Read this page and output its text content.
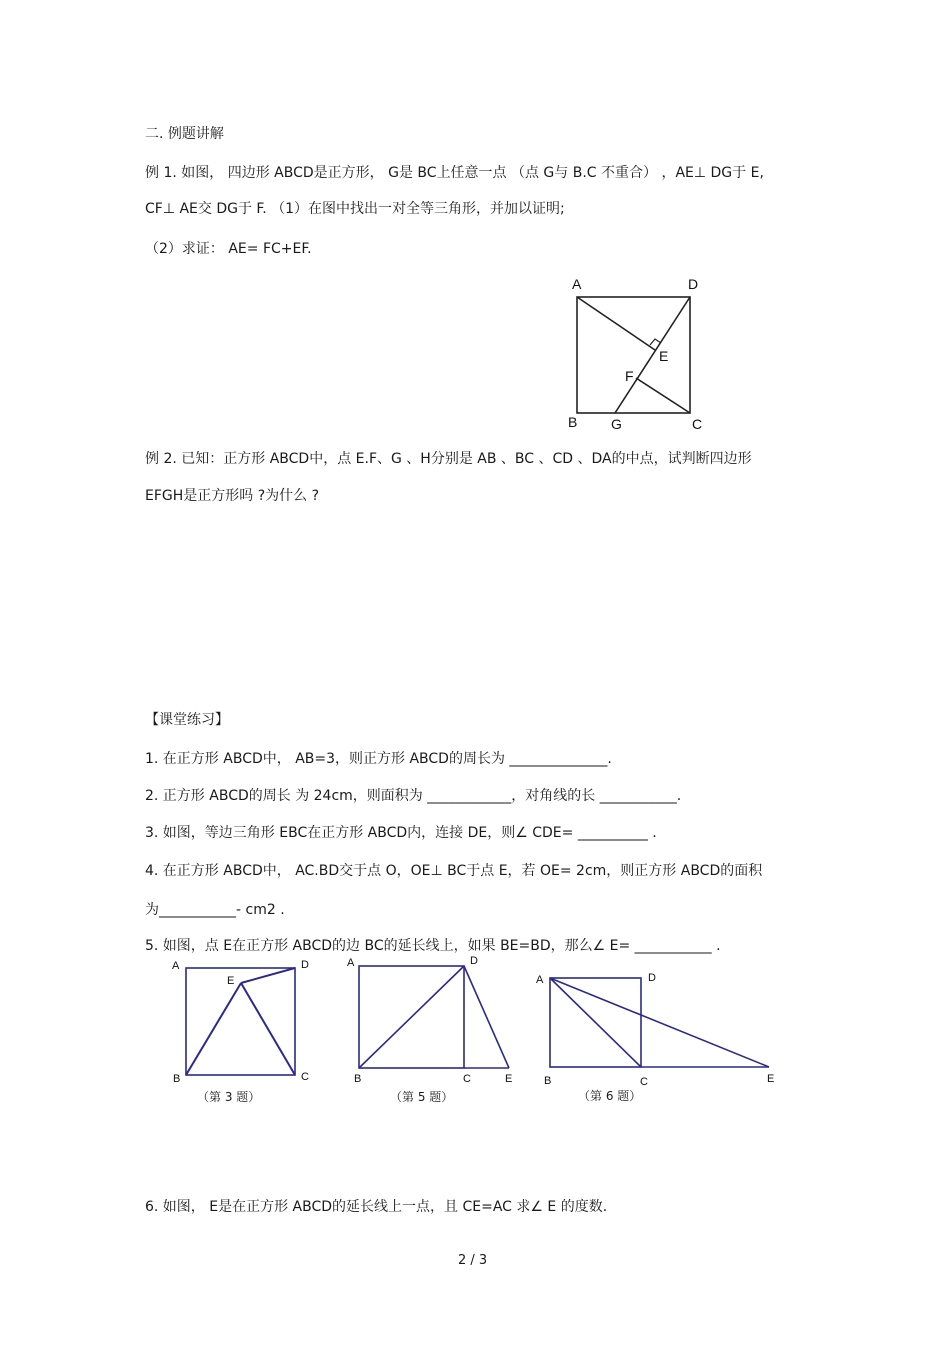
二. 例题讲解
例 1. 如图， 四边形 ABCD是正方形， G是 BC上任意一点 （点 G与 B.C 不重合） ，AE⊥ DG于 E,
CF⊥ AE交 DG于 F. （1）在图中找出一对全等三角形，并加以证明;
（2）求证： AE= FC+EF.
A	D
E
F
B G	C
例 2. 已知：正方形 ABCD中，点 E.F、G 、H分别是 AB 、BC 、CD 、DA的中点，试判断四边形
EFGH是正方形吗 ?为什么 ?
【课堂练习】
1. 在正方形 ABCD中， AB=3，则正方形 ABCD的周长为 ______________.
2. 正方形 ABCD的周长 为 24cm，则面积为 ____________，对角线的长 ___________.
3. 如图，等边三角形 EBC在正方形 ABCD内，连接 DE，则∠ CDE= __________ .
4. 在正方形 ABCD中， AC.BD交于点 O，OE⊥ BC于点 E，若 OE= 2cm，则正方形 ABCD的面积
为___________- cm2 .
5. 如图，点 E在正方形 ABCD的边 BC的延长线上，如果 BE=BD，那么∠ E= ___________ .
A	D
E
B	C
（第 3 题）
A	D
B	C	E
（第 5 题）
A	D
B	C	E
（第 6 题）
6. 如图， E是在正方形 ABCD的延长线上一点，且 CE=AC 求∠ E 的度数.
2 / 3
